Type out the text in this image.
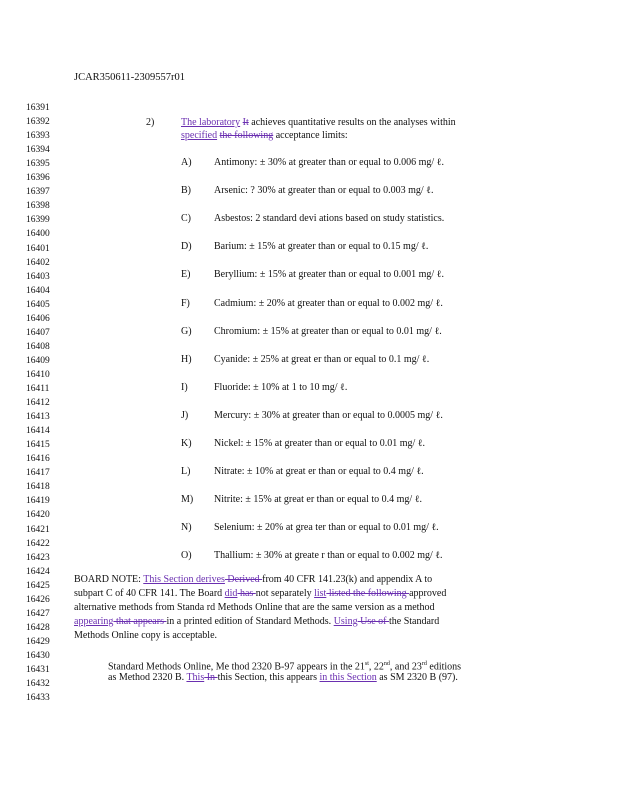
JCAR350611-2309557r01
16391
16392
16393
16394
16395
16396
16397
16398
16399
16400
16401
16402
16403
16404
16405
16406
16407
16408
16409
16410
16411
16412
16413
16414
16415
16416
16417
16418
16419
16420
16421
16422
16423
16424
16425
16426
16427
16428
16429
16430
16431
16432
16433
2)	The laboratory It achieves quantitative results on the analyses within
specified the following acceptance limits:
A) Antimony: ± 30% at greater than or equal to 0.006 mg/ ℓ.
B) Arsenic: ? 30% at greater than or equal to 0.003 mg/ ℓ.
C) Asbestos: 2 standard devi ations based on study statistics.
D) Barium: ± 15% at greater than or equal to 0.15 mg/ ℓ.
E) Beryllium: ± 15% at greater than or equal to 0.001 mg/ ℓ.
F) Cadmium: ± 20% at greater than or equal to 0.002 mg/ ℓ.
G) Chromium: ± 15% at greater than or equal to 0.01 mg/ ℓ.
H) Cyanide: ± 25% at great er than or equal to 0.1 mg/ ℓ.
I)	Fluoride: ± 10% at 1 to 10 mg/ ℓ.
J)	Mercury: ± 30% at greater than or equal to 0.0005 mg/ ℓ.
K) Nickel: ± 15% at greater than or equal to 0.01 mg/ ℓ.
L) Nitrate: ± 10% at great er than or equal to 0.4 mg/ ℓ.
M) Nitrite: ± 15% at great er than or equal to 0.4 mg/ ℓ.
N) Selenium: ± 20% at grea ter than or equal to 0.01 mg/ ℓ.
O) Thallium: ± 30% at greate r than or equal to 0.002 mg/ ℓ.
BOARD NOTE: This Section derives Derived from 40 CFR 141.23(k) and appendix A to
subpart C of 40 CFR 141. The Board did has not separately list listed the following approved
alternative methods from Standa rd Methods Online that are the same version as a method
appearing that appears in a printed edition of Standard Methods. Using Use of the Standard
Methods Online copy is acceptable.
Standard Methods Online, Me thod 2320 B-97 appears in the 21st, 22nd, and 23rd editions
as Method 2320 B. This In this Section, this appears in this Section as SM 2320 B (97).
